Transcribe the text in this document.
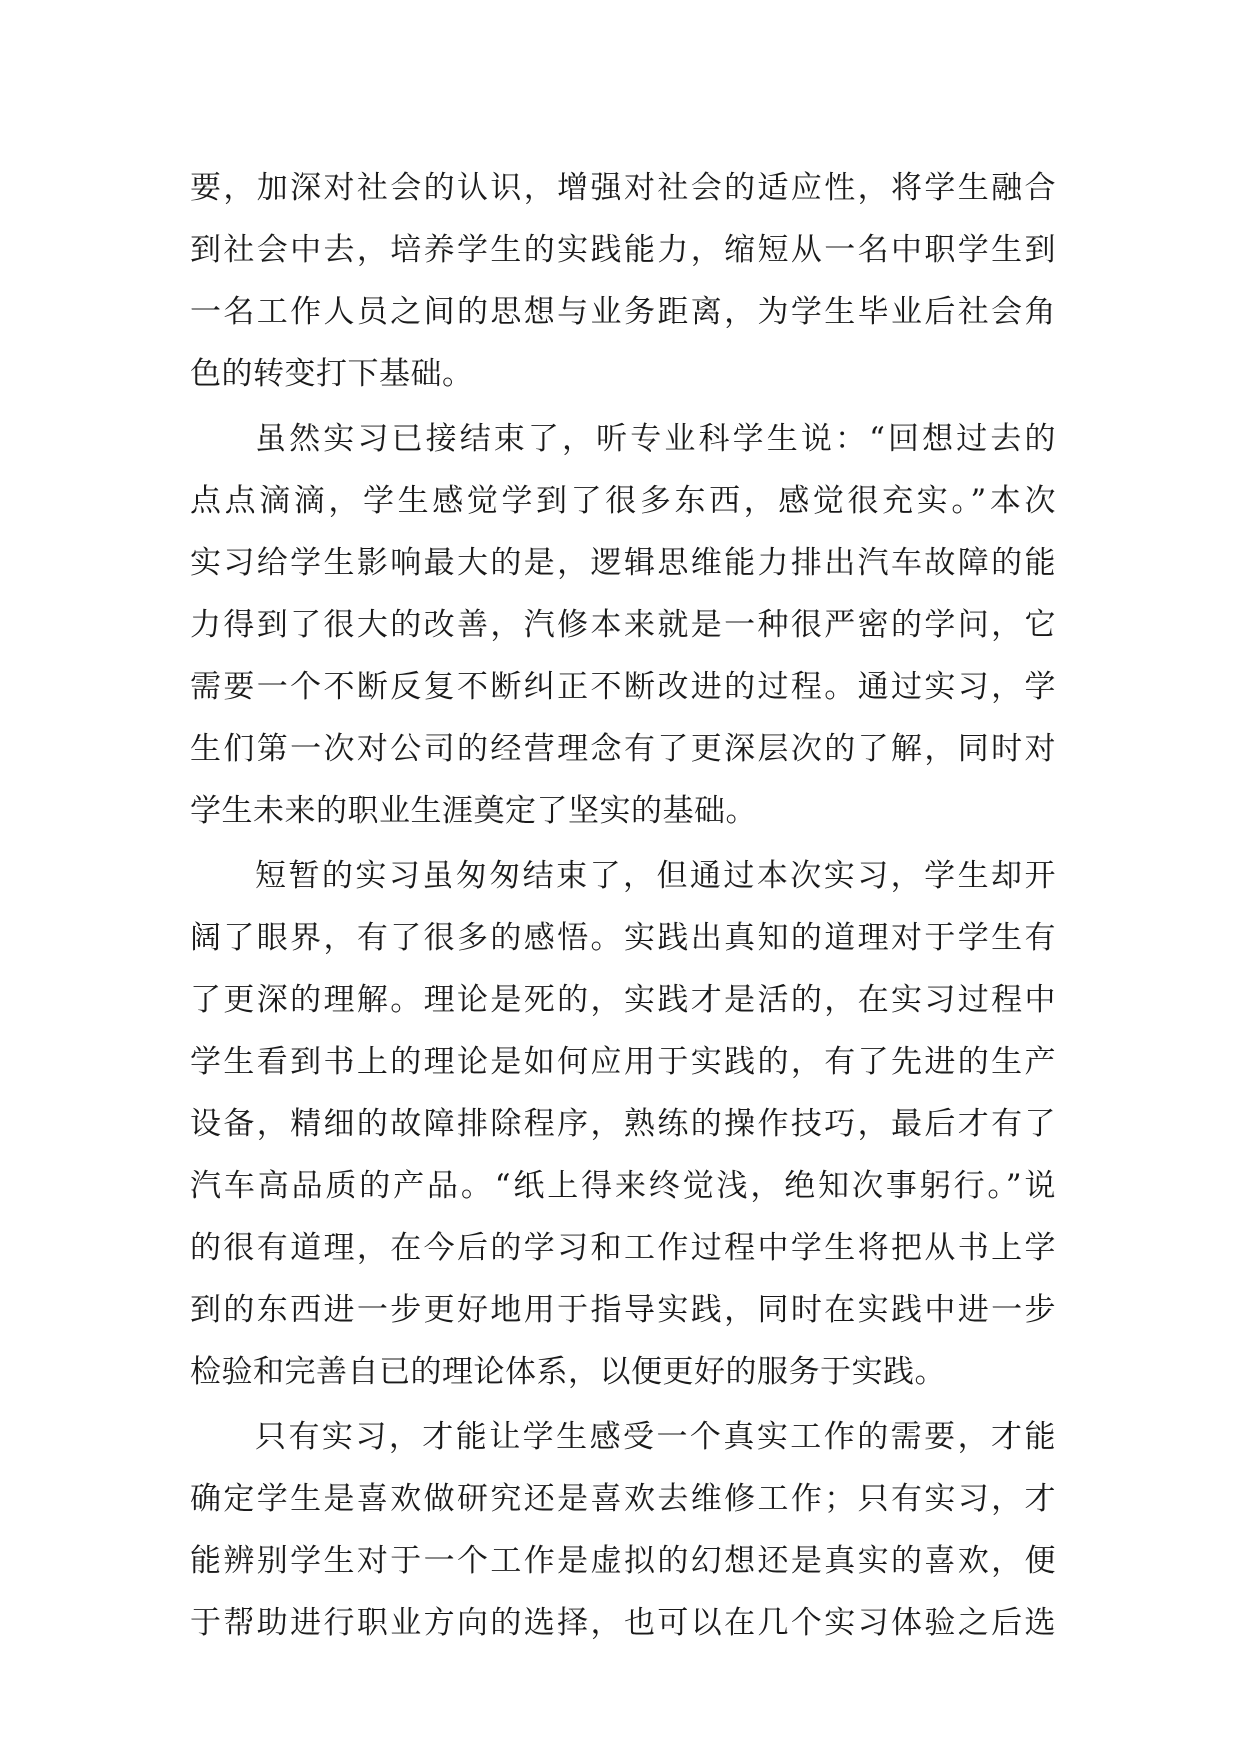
要，加深对社会的认识，增强对社会的适应性，将学生融合
到社会中去，培养学生的实践能力，缩短从一名中职学生到
一名工作人员之间的思想与业务距离，为学生毕业后社会角
色的转变打下基础。
虽然实习已接结束了，听专业科学生说：“回想过去的
点点滴滴，学生感觉学到了很多东西，感觉很充实。”本次
实习给学生影响最大的是，逻辑思维能力排出汽车故障的能
力得到了很大的改善，汽修本来就是一种很严密的学问，它
需要一个不断反复不断纠正不断改进的过程。通过实习，学
生们第一次对公司的经营理念有了更深层次的了解，同时对
学生未来的职业生涯奠定了坚实的基础。
短暂的实习虽匆匆结束了，但通过本次实习，学生却开
阔了眼界，有了很多的感悟。实践出真知的道理对于学生有
了更深的理解。理论是死的，实践才是活的，在实习过程中
学生看到书上的理论是如何应用于实践的，有了先进的生产
设备，精细的故障排除程序，熟练的操作技巧，最后才有了
汽车高品质的产品。“纸上得来终觉浅，绝知次事躬行。”说
的很有道理，在今后的学习和工作过程中学生将把从书上学
到的东西进一步更好地用于指导实践，同时在实践中进一步
检验和完善自已的理论体系，以便更好的服务于实践。
只有实习，才能让学生感受一个真实工作的需要，才能
确定学生是喜欢做研究还是喜欢去维修工作；只有实习，才
能辨别学生对于一个工作是虚拟的幻想还是真实的喜欢，便
于帮助进行职业方向的选择，也可以在几个实习体验之后选
